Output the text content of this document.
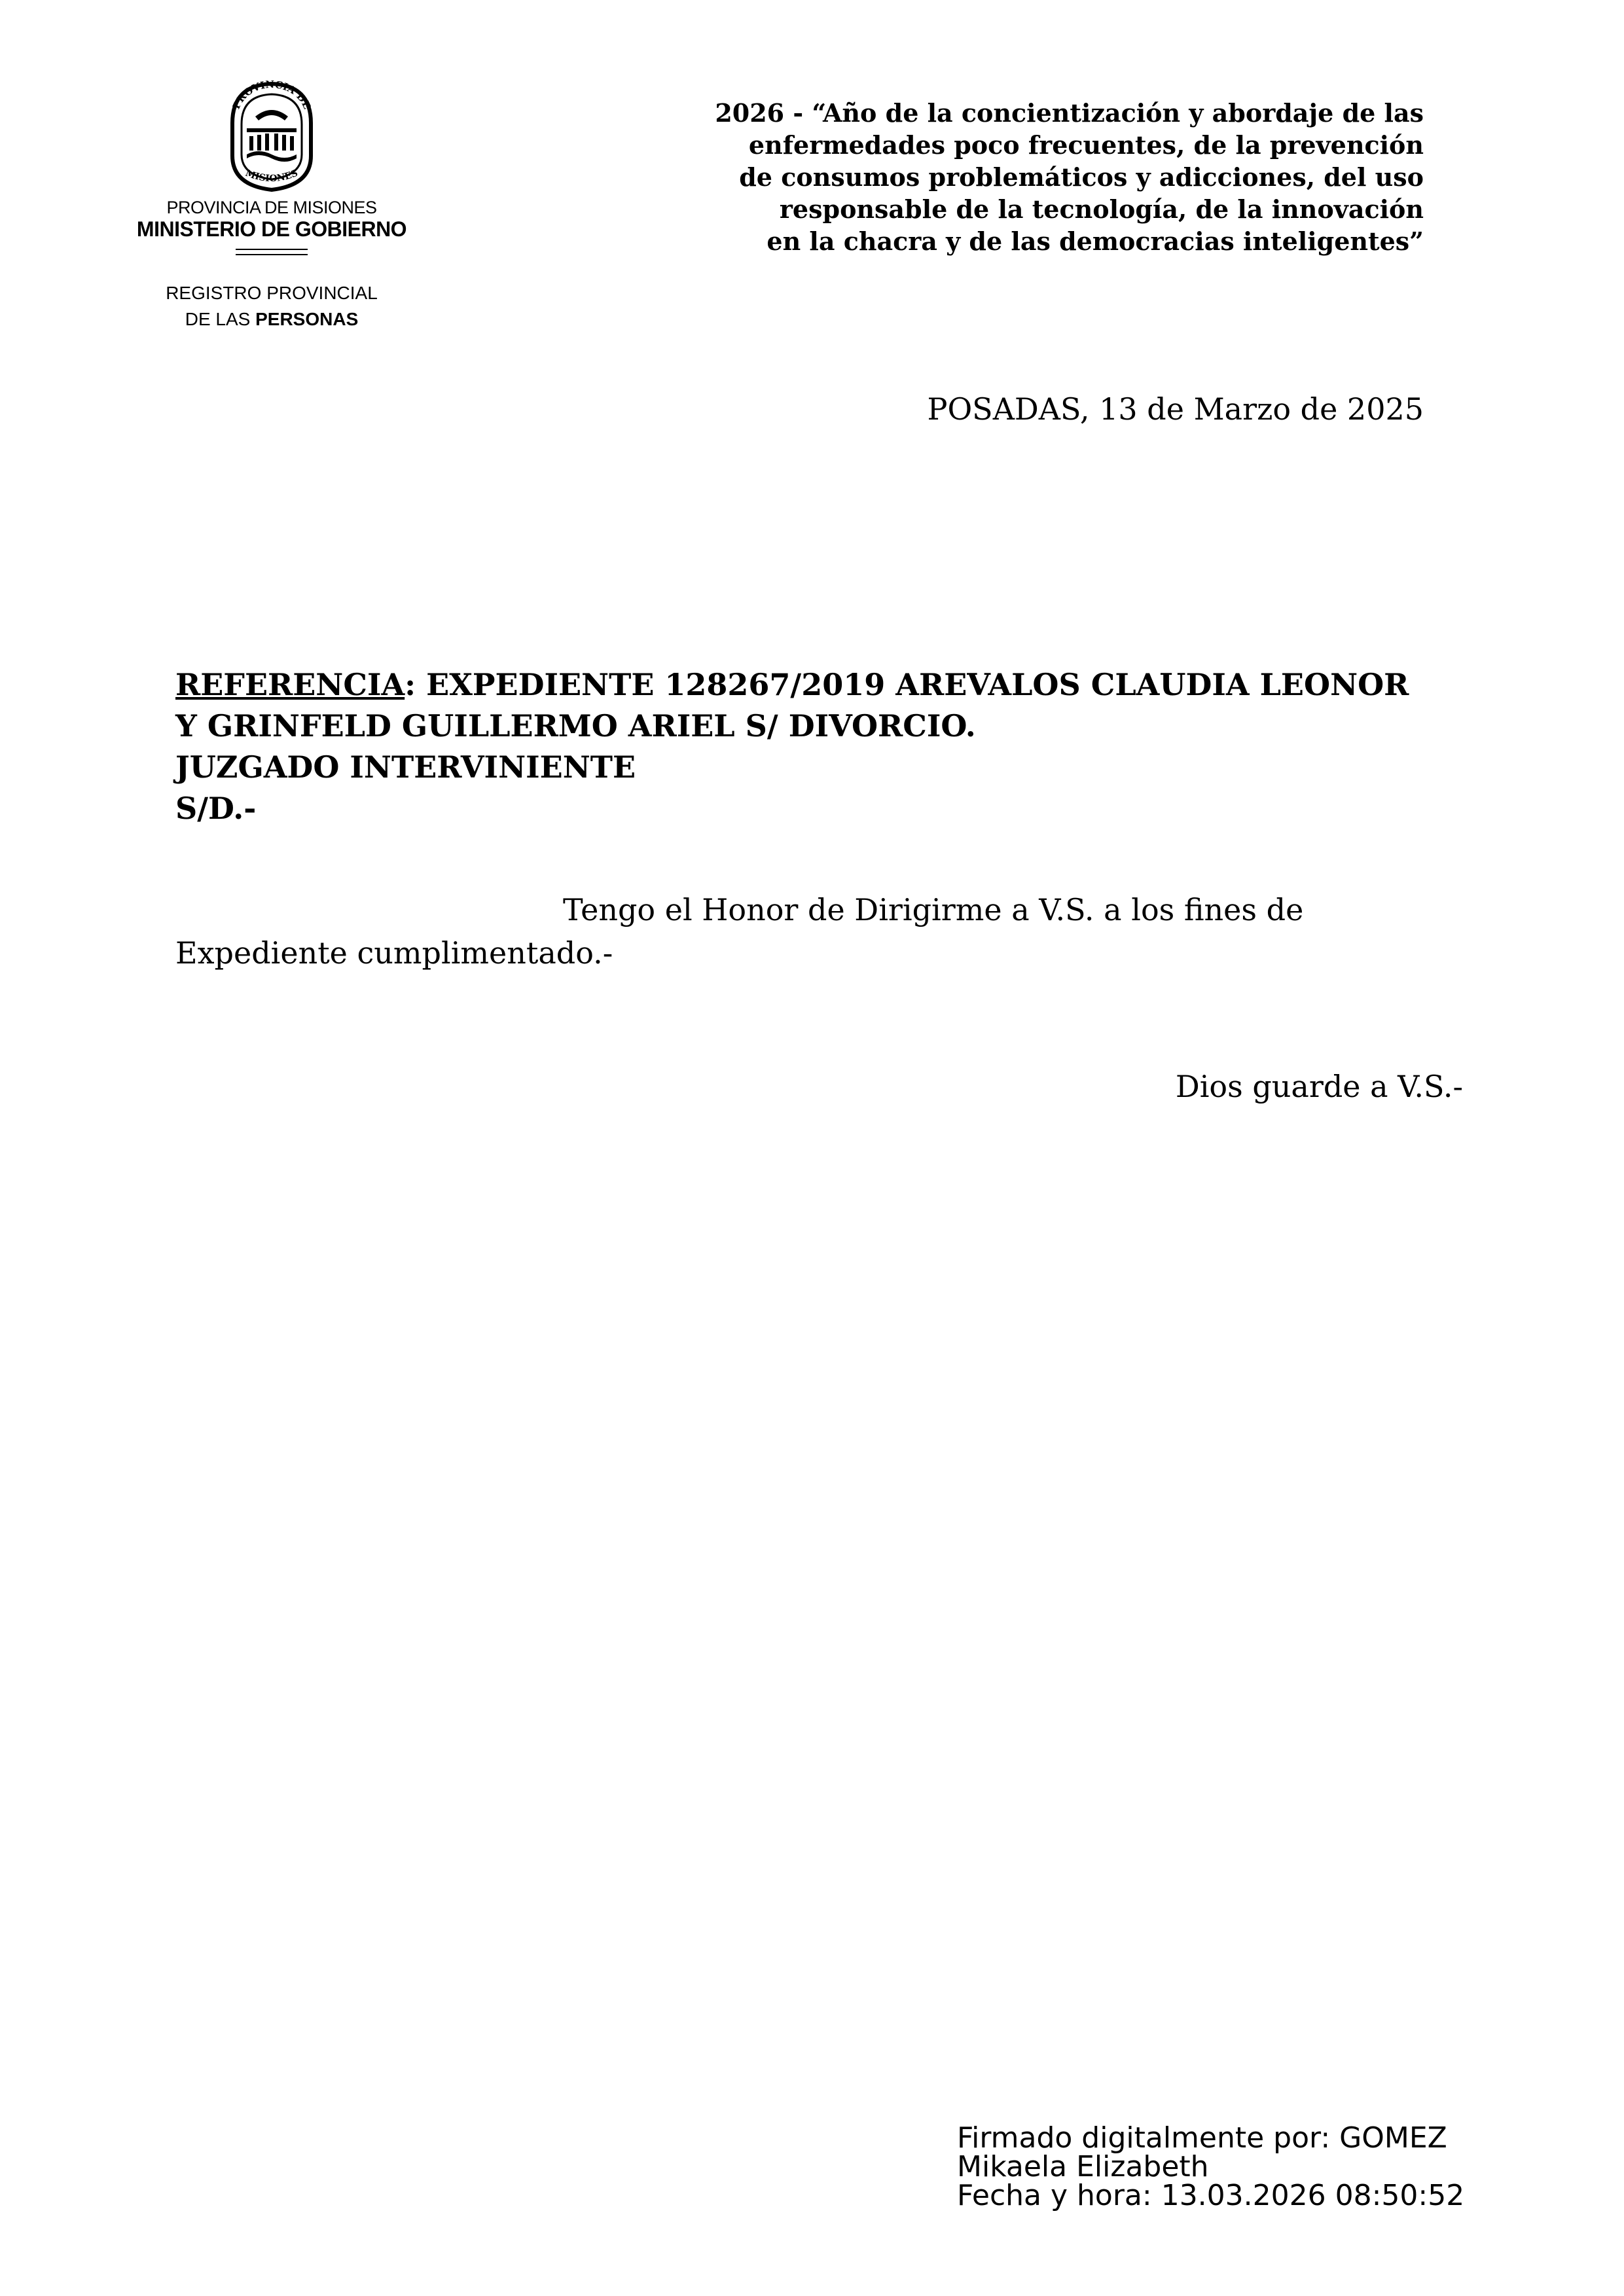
PROVINCIA DE
MISIONES
PROVINCIA DE MISIONES
MINISTERIO DE GOBIERNO
REGISTRO PROVINCIAL
DE LAS PERSONAS
2026 - “Año de la concientización y abordaje de las
enfermedades poco frecuentes, de la prevención
de consumos problemáticos y adicciones, del uso
responsable de la tecnología, de la innovación
en la chacra y de las democracias inteligentes”
POSADAS, 13 de Marzo de 2025
REFERENCIA: EXPEDIENTE 128267/2019 AREVALOS CLAUDIA LEONOR
Y GRINFELD GUILLERMO ARIEL S/ DIVORCIO.
JUZGADO INTERVINIENTE
S/D.-
Tengo el Honor de Dirigirme a V.S. a los fines de
Expediente cumplimentado.-
Dios guarde a V.S.-
Firmado digitalmente por: GOMEZ
Mikaela Elizabeth
Fecha y hora: 13.03.2026 08:50:52
